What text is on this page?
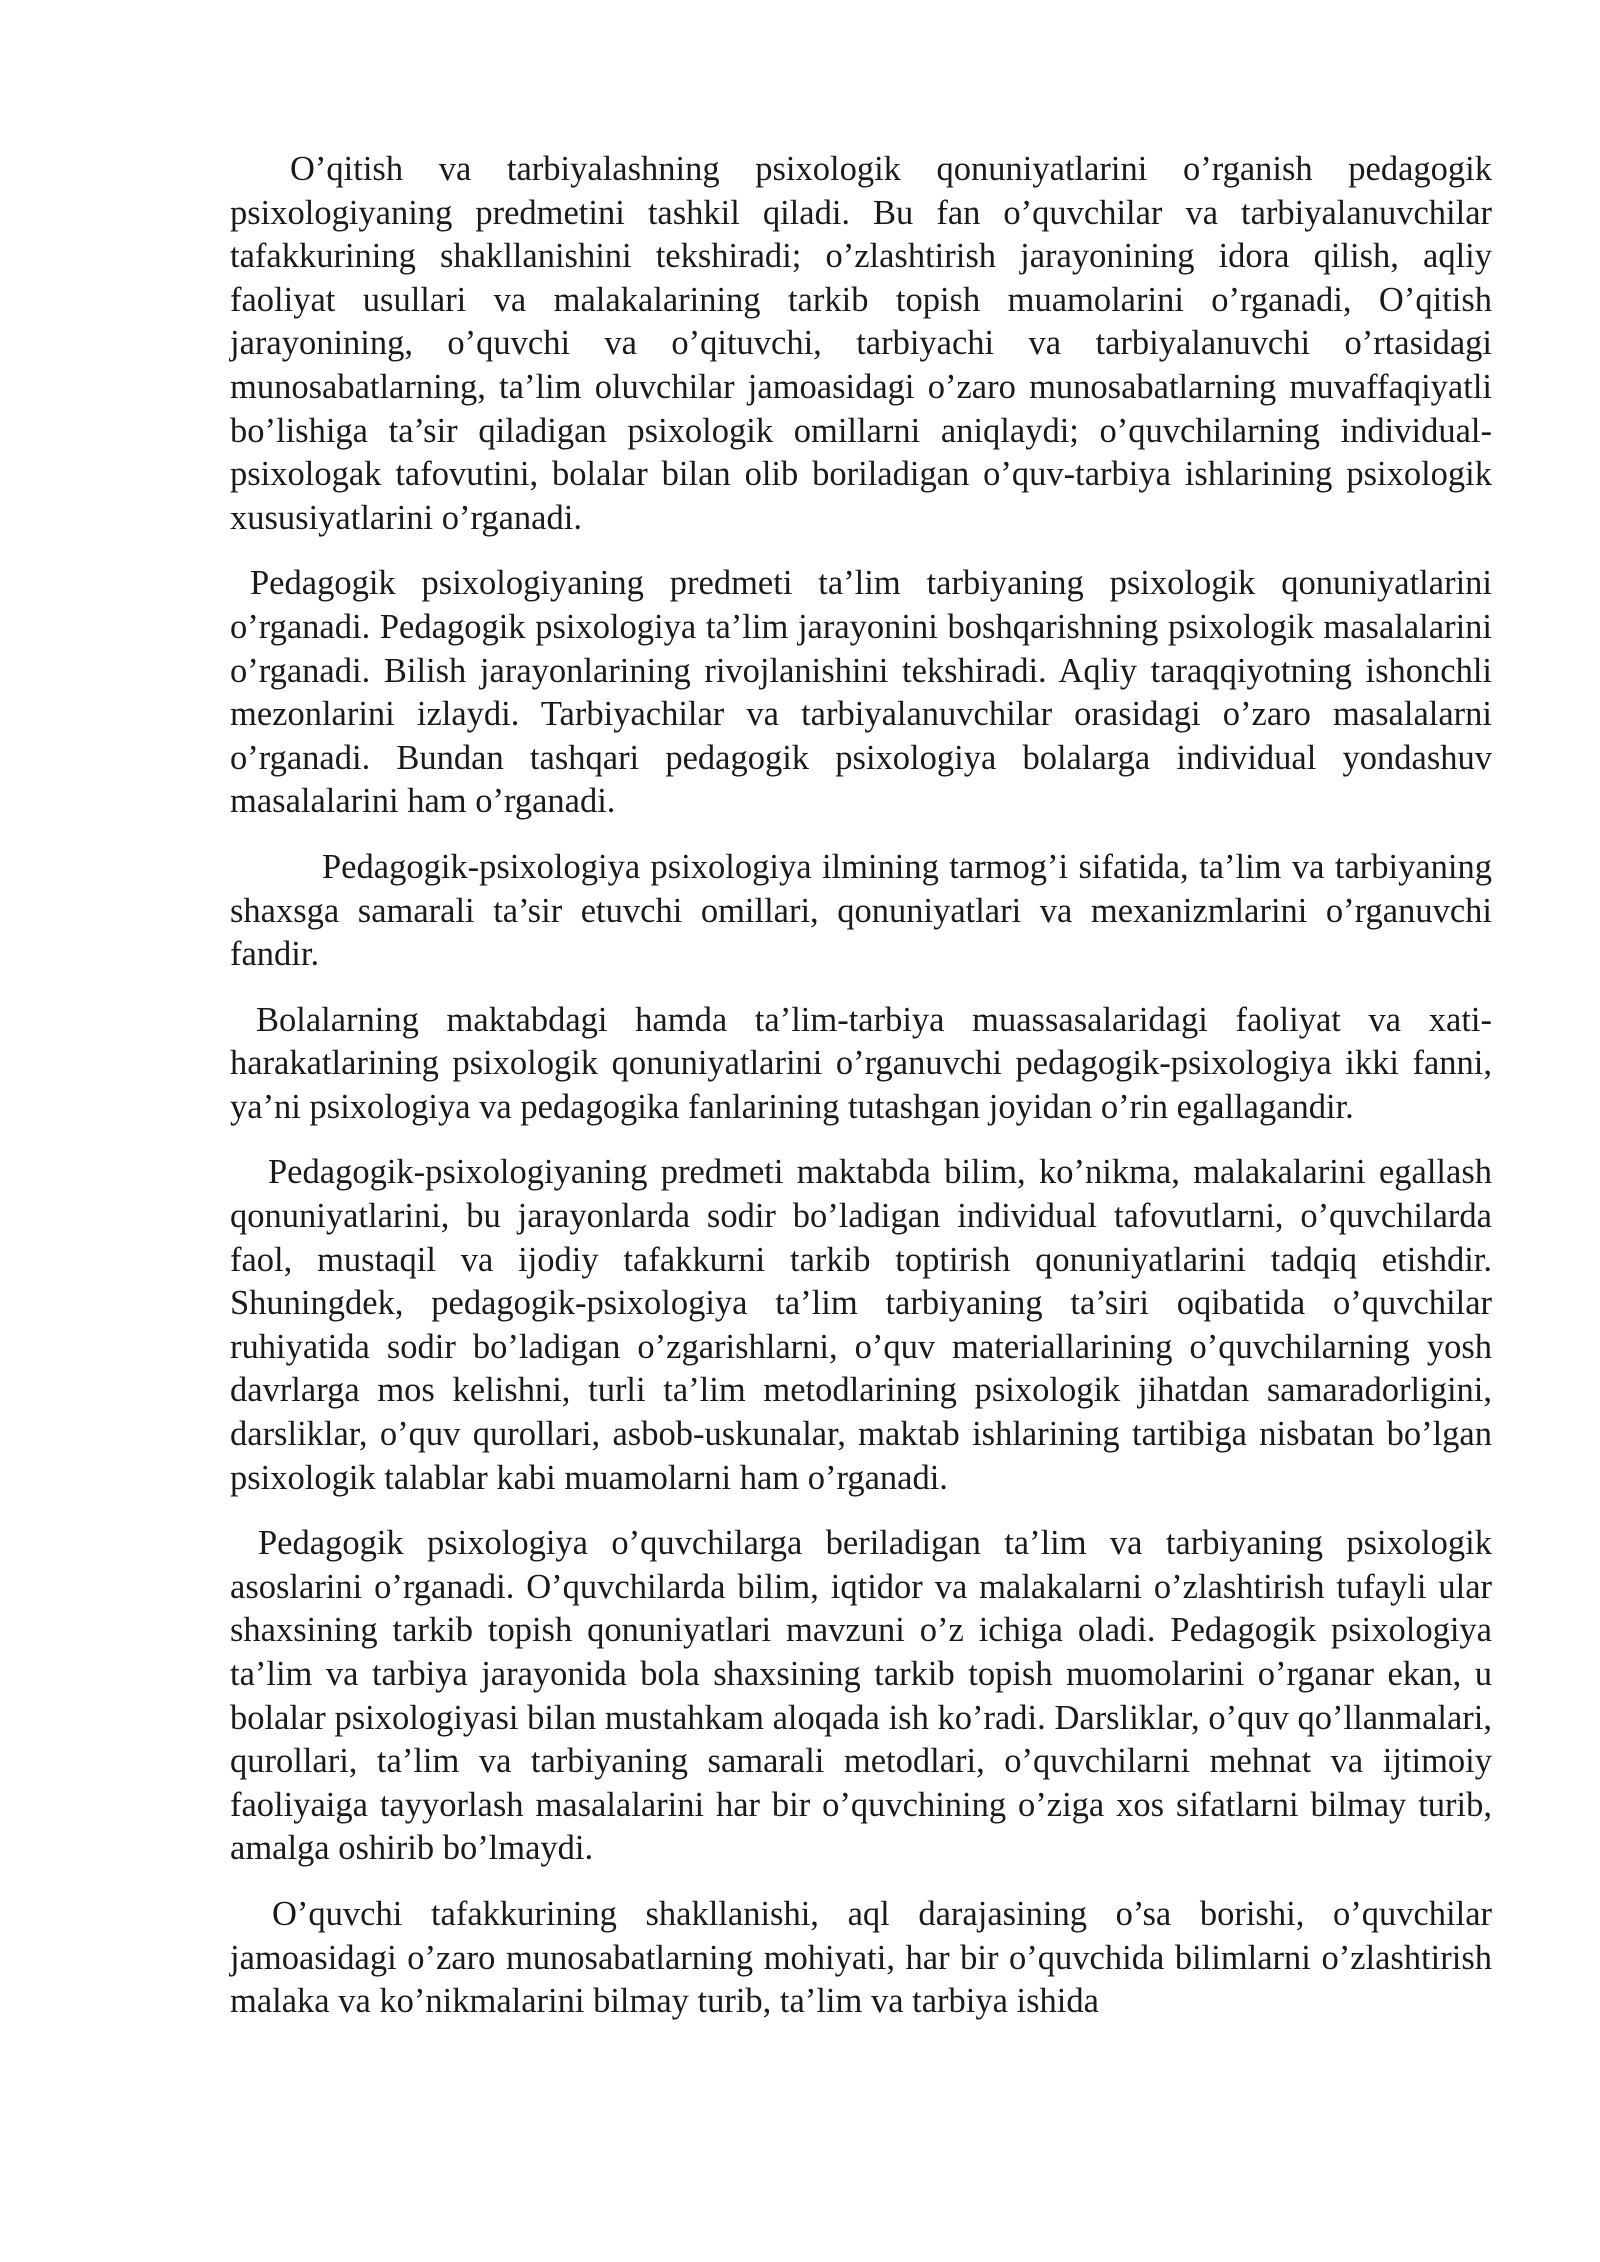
O’qitish va tarbiyalashning psixologik qonuniyatlarini o’rganish pedagogik psixologiyaning predmetini tashkil qiladi. Bu fan o’quvchilar va tarbiyalanuvchilar tafakkurining shakllanishini tekshiradi; o’zlashtirish jarayonining idora qilish, aqliy faoliyat usullari va malakalarining tarkib topish muamolarini o’rganadi, O’qitish jarayonining, o’quvchi va o’qituvchi, tarbiyachi va tarbiyalanuvchi o’rtasidagi munosabatlarning, ta’lim oluvchilar jamoasidagi o’zaro munosabatlarning muvaffaqiyatli bo’lishiga ta’sir qiladigan psixologik omillarni aniqlaydi; o’quvchilarning individual-psixologak tafovutini, bolalar bilan olib boriladigan o’quv-tarbiya ishlarining psixologik xususiyatlarini o’rganadi.

Pedagogik psixologiyaning predmeti ta’lim tarbiyaning psixologik qonuniyatlarini o’rganadi. Pedagogik psixologiya ta’lim jarayonini boshqarishning psixologik masalalarini o’rganadi. Bilish jarayonlarining rivojlanishini tekshiradi. Aqliy taraqqiyotning ishonchli mezonlarini izlaydi. Tarbiyachilar va tarbiyalanuvchilar orasidagi o’zaro masalalarni o’rganadi. Bundan tashqari pedagogik psixologiya bolalarga individual yondashuv masalalarini ham o’rganadi.

Pedagogik-psixologiya psixologiya ilmining tarmog’i sifatida, ta’lim va tarbiyaning shaxsga samarali ta’sir etuvchi omillari, qonuniyatlari va mexanizmlarini o’rganuvchi fandir.

Bolalarning maktabdagi hamda ta’lim-tarbiya muassasalaridagi faoliyat va xati-harakatlarining psixologik qonuniyatlarini o’rganuvchi pedagogik-psixologiya ikki fanni, ya’ni psixologiya va pedagogika fanlarining tutashgan joyidan o’rin egallagandir.

Pedagogik-psixologiyaning predmeti maktabda bilim, ko’nikma, malakalarini egallash qonuniyatlarini, bu jarayonlarda sodir bo’ladigan individual tafovutlarni, o’quvchilarda faol, mustaqil va ijodiy tafakkurni tarkib toptirish qonuniyatlarini tadqiq etishdir. Shuningdek, pedagogik-psixologiya ta’lim tarbiyaning ta’siri oqibatida o’quvchilar ruhiyatida sodir bo’ladigan o’zgarishlarni, o’quv materiallarining o’quvchilarning yosh davrlarga mos kelishni, turli ta’lim metodlarining psixologik jihatdan samaradorligini, darsliklar, o’quv qurollari, asbob-uskunalar, maktab ishlarining tartibiga nisbatan bo’lgan psixologik talablar kabi muamolarni ham o’rganadi.

Pedagogik psixologiya o’quvchilarga beriladigan ta’lim va tarbiyaning psixologik asoslarini o’rganadi. O’quvchilarda bilim, iqtidor va malakalarni o’zlashtirish tufayli ular shaxsining tarkib topish qonuniyatlari mavzuni o’z ichiga oladi. Pedagogik psixologiya ta’lim va tarbiya jarayonida bola shaxsining tarkib topish muomolarini o’rganar ekan, u bolalar psixologiyasi bilan mustahkam aloqada ish ko’radi. Darsliklar, o’quv qo’llanmalari, qurollari, ta’lim va tarbiyaning samarali metodlari, o’quvchilarni mehnat va ijtimoiy faoliyaiga tayyorlash masalalarini har bir o’quvchining o’ziga xos sifatlarni bilmay turib, amalga oshirib bo’lmaydi.

O’quvchi tafakkurining shakllanishi, aql darajasining o’sa borishi, o’quvchilar jamoasidagi o’zaro munosabatlarning mohiyati, har bir o’quvchida bilimlarni o’zlashtirish malaka va ko’nikmalarini bilmay turib, ta’lim va tarbiya ishida
